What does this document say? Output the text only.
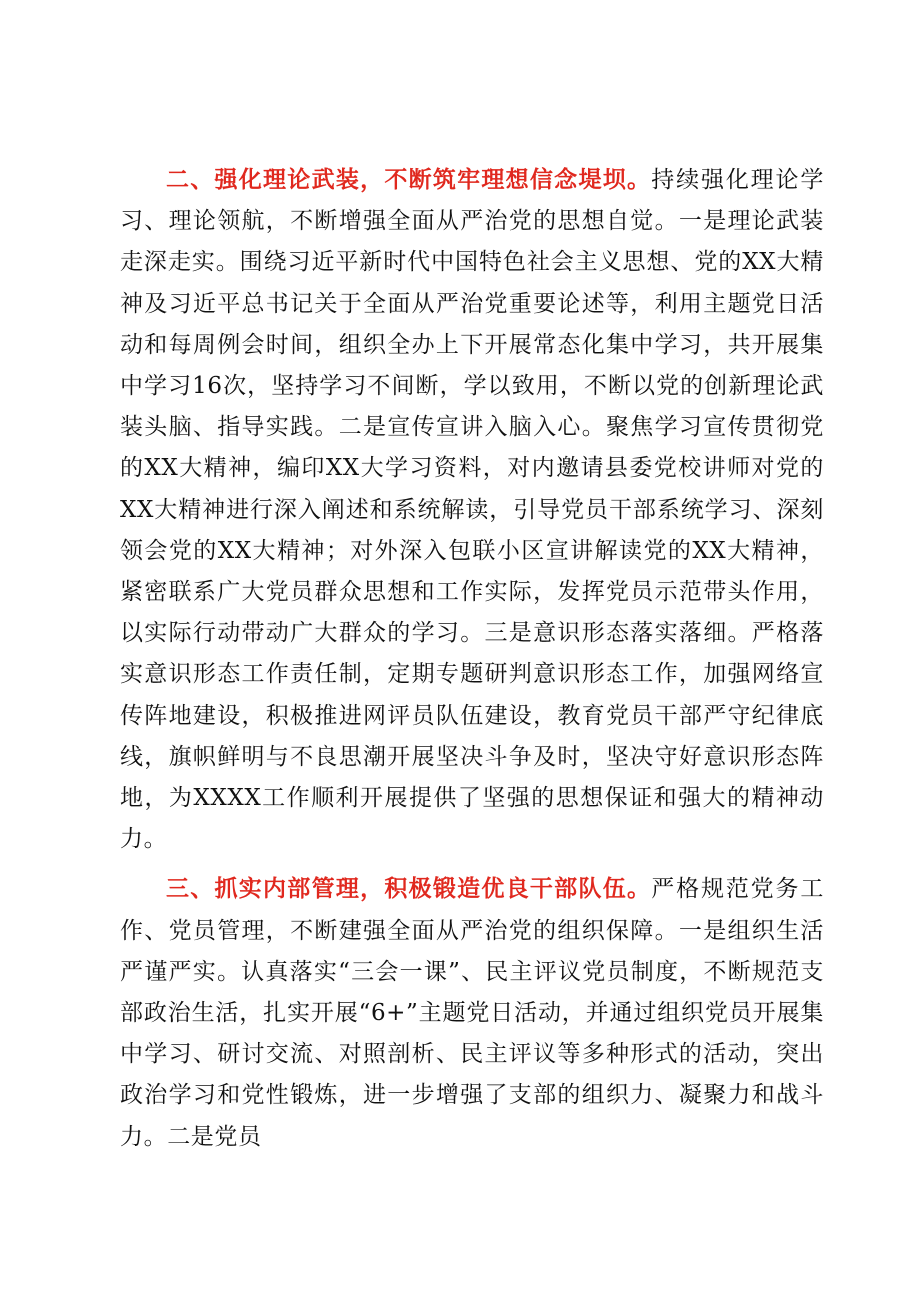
二、强化理论武装，不断筑牢理想信念堤坝。持续强化理论学习、理论领航，不断增强全面从严治党的思想自觉。一是理论武装走深走实。围绕习近平新时代中国特色社会主义思想、党的XX大精神及习近平总书记关于全面从严治党重要论述等，利用主题党日活动和每周例会时间，组织全办上下开展常态化集中学习，共开展集中学习16次，坚持学习不间断，学以致用，不断以党的创新理论武装头脑、指导实践。二是宣传宣讲入脑入心。聚焦学习宣传贯彻党的XX大精神，编印XX大学习资料，对内邀请县委党校讲师对党的XX大精神进行深入阐述和系统解读，引导党员干部系统学习、深刻领会党的XX大精神；对外深入包联小区宣讲解读党的XX大精神，紧密联系广大党员群众思想和工作实际，发挥党员示范带头作用，以实际行动带动广大群众的学习。三是意识形态落实落细。严格落实意识形态工作责任制，定期专题研判意识形态工作，加强网络宣传阵地建设，积极推进网评员队伍建设，教育党员干部严守纪律底线，旗帜鲜明与不良思潮开展坚决斗争及时，坚决守好意识形态阵地，为XXXX工作顺利开展提供了坚强的思想保证和强大的精神动力。

三、抓实内部管理，积极锻造优良干部队伍。严格规范党务工作、党员管理，不断建强全面从严治党的组织保障。一是组织生活严谨严实。认真落实“三会一课”、民主评议党员制度，不断规范支部政治生活，扎实开展“6+”主题党日活动，并通过组织党员开展集中学习、研讨交流、对照剖析、民主评议等多种形式的活动，突出政治学习和党性锻炼，进一步增强了支部的组织力、凝聚力和战斗力。二是党员
